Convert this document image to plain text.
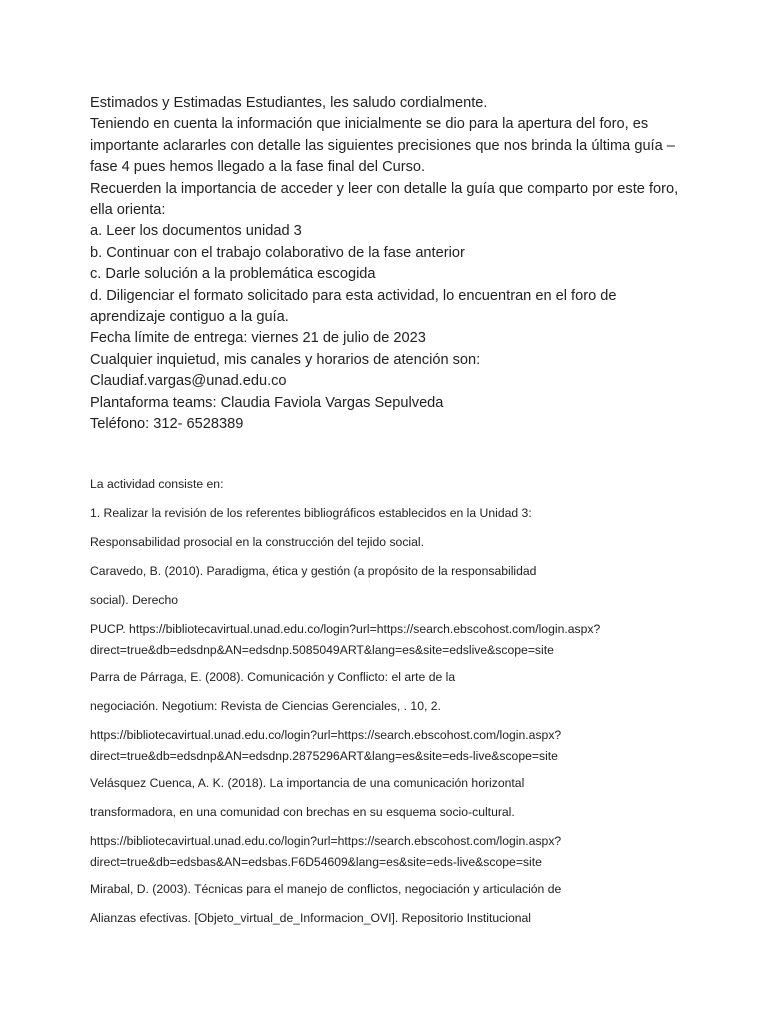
Estimados y Estimadas Estudiantes, les saludo cordialmente.
Teniendo en cuenta la información que inicialmente se dio para la apertura del foro, es
importante aclararles con detalle las siguientes precisiones que nos brinda la última guía –
fase 4 pues hemos llegado a la fase final del Curso.
Recuerden la importancia de acceder y leer con detalle la guía que comparto por este foro,
ella orienta:
a. Leer los documentos unidad 3
b. Continuar con el trabajo colaborativo de la fase anterior
c. Darle solución a la problemática escogida
d. Diligenciar el formato solicitado para esta actividad, lo encuentran en el foro de
aprendizaje contiguo a la guía.
Fecha límite de entrega: viernes 21 de julio de 2023
Cualquier inquietud, mis canales y horarios de atención son:
Claudiaf.vargas@unad.edu.co
Plantaforma teams: Claudia Faviola Vargas Sepulveda
Teléfono: 312- 6528389

La actividad consiste en:

1. Realizar la revisión de los referentes bibliográficos establecidos en la Unidad 3:

Responsabilidad prosocial en la construcción del tejido social.

Caravedo, B. (2010). Paradigma, ética y gestión (a propósito de la responsabilidad

social). Derecho

PUCP. https://bibliotecavirtual.unad.edu.co/login?url=https://search.ebscohost.com/login.aspx?
direct=true&db=edsdnp&AN=edsdnp.5085049ART&lang=es&site=edslive&scope=site

Parra de Párraga, E. (2008). Comunicación y Conflicto: el arte de la

negociación. Negotium: Revista de Ciencias Gerenciales, . 10, 2.

https://bibliotecavirtual.unad.edu.co/login?url=https://search.ebscohost.com/login.aspx?
direct=true&db=edsdnp&AN=edsdnp.2875296ART&lang=es&site=eds-live&scope=site

Velásquez Cuenca, A. K. (2018). La importancia de una comunicación horizontal

transformadora, en una comunidad con brechas en su esquema socio-cultural.

https://bibliotecavirtual.unad.edu.co/login?url=https://search.ebscohost.com/login.aspx?
direct=true&db=edsbas&AN=edsbas.F6D54609&lang=es&site=eds-live&scope=site

Mirabal, D. (2003). Técnicas para el manejo de conflictos, negociación y articulación de

Alianzas efectivas. [Objeto_virtual_de_Informacion_OVI]. Repositorio Institucional
